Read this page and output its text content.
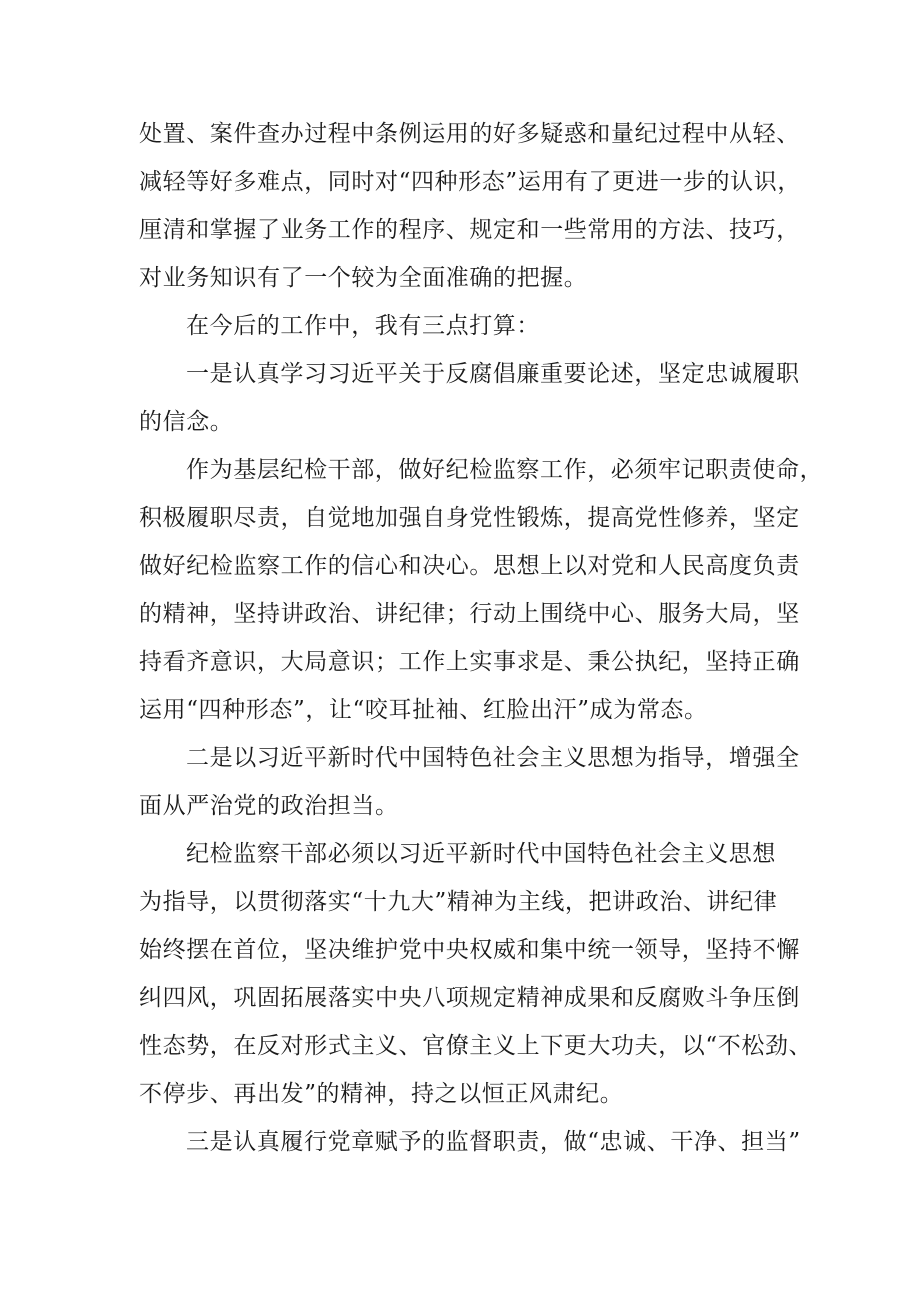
处置、案件查办过程中条例运用的好多疑惑和量纪过程中从轻、
减轻等好多难点，同时对“四种形态”运用有了更进一步的认识，
厘清和掌握了业务工作的程序、规定和一些常用的方法、技巧，
对业务知识有了一个较为全面准确的把握。
在今后的工作中，我有三点打算：
一是认真学习习近平关于反腐倡廉重要论述，坚定忠诚履职
的信念。
作为基层纪检干部，做好纪检监察工作，必须牢记职责使命，
积极履职尽责，自觉地加强自身党性锻炼，提高党性修养，坚定
做好纪检监察工作的信心和决心。思想上以对党和人民高度负责
的精神，坚持讲政治、讲纪律；行动上围绕中心、服务大局，坚
持看齐意识，大局意识；工作上实事求是、秉公执纪，坚持正确
运用“四种形态”，让“咬耳扯袖、红脸出汗”成为常态。
二是以习近平新时代中国特色社会主义思想为指导，增强全
面从严治党的政治担当。
纪检监察干部必须以习近平新时代中国特色社会主义思想
为指导，以贯彻落实“十九大”精神为主线，把讲政治、讲纪律
始终摆在首位，坚决维护党中央权威和集中统一领导，坚持不懈
纠四风，巩固拓展落实中央八项规定精神成果和反腐败斗争压倒
性态势，在反对形式主义、官僚主义上下更大功夫，以“不松劲、
不停步、再出发”的精神，持之以恒正风肃纪。
三是认真履行党章赋予的监督职责，做“忠诚、干净、担当”
